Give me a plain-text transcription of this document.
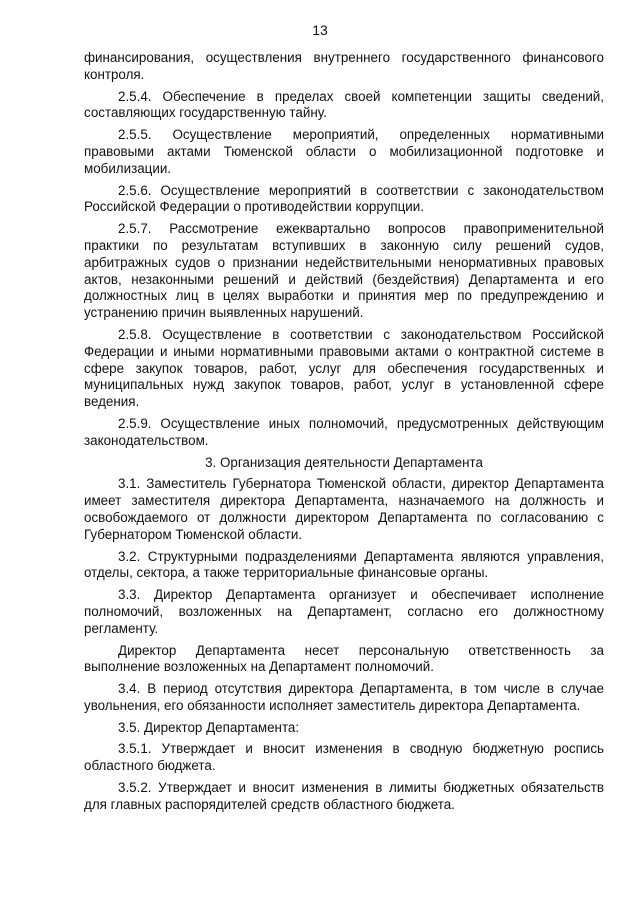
13

финансирования, осуществления внутреннего государственного финансового контроля.

2.5.4. Обеспечение в пределах своей компетенции защиты сведений, составляющих государственную тайну.

2.5.5. Осуществление мероприятий, определенных нормативными правовыми актами Тюменской области о мобилизационной подготовке и мобилизации.

2.5.6. Осуществление мероприятий в соответствии с законодательством Российской Федерации о противодействии коррупции.

2.5.7. Рассмотрение ежеквартально вопросов правоприменительной практики по результатам вступивших в законную силу решений судов, арбитражных судов о признании недействительными ненормативных правовых актов, незаконными решений и действий (бездействия) Департамента и его должностных лиц в целях выработки и принятия мер по предупреждению и устранению причин выявленных нарушений.

2.5.8. Осуществление в соответствии с законодательством Российской Федерации и иными нормативными правовыми актами о контрактной системе в сфере закупок товаров, работ, услуг для обеспечения государственных и муниципальных нужд закупок товаров, работ, услуг в установленной сфере ведения.

2.5.9. Осуществление иных полномочий, предусмотренных действующим законодательством.

3. Организация деятельности Департамента

3.1. Заместитель Губернатора Тюменской области, директор Департамента имеет заместителя директора Департамента, назначаемого на должность и освобождаемого от должности директором Департамента по согласованию с Губернатором Тюменской области.

3.2. Структурными подразделениями Департамента являются управления, отделы, сектора, а также территориальные финансовые органы.

3.3. Директор Департамента организует и обеспечивает исполнение полномочий, возложенных на Департамент, согласно его должностному регламенту.

Директор Департамента несет персональную ответственность за выполнение возложенных на Департамент полномочий.

3.4. В период отсутствия директора Департамента, в том числе в случае увольнения, его обязанности исполняет заместитель директора Департамента.

3.5. Директор Департамента:

3.5.1. Утверждает и вносит изменения в сводную бюджетную роспись областного бюджета.

3.5.2. Утверждает и вносит изменения в лимиты бюджетных обязательств для главных распорядителей средств областного бюджета.
